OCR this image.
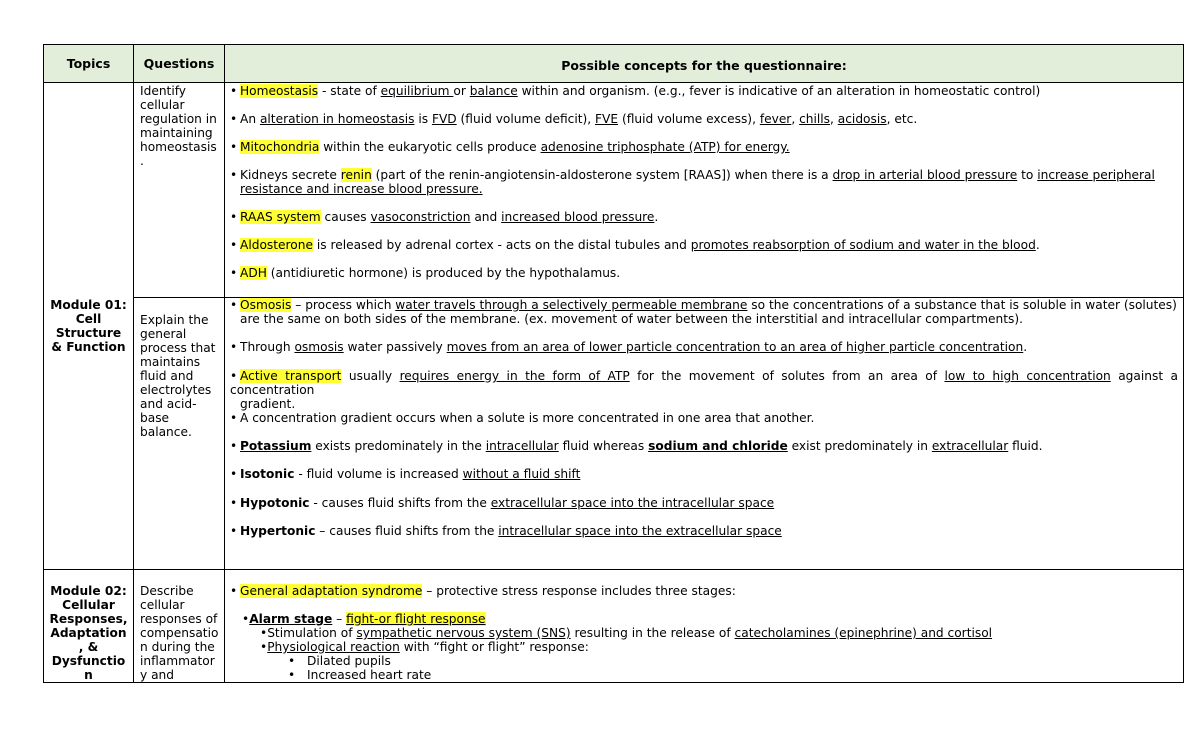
Topics	Questions	Possible concepts for the questionnaire:
Module 01:
Cell
Structure
& Function
Identify
cellular
regulation in
maintaining
homeostasis
.
Explain the
general
process that
maintains
fluid and
electrolytes
and acid-
base
balance.
• Homeostasis - state of equilibrium or balance within and organism. (e.g., fever is indicative of an alteration in homeostatic control)
• An alteration in homeostasis is FVD (fluid volume deficit), FVE (fluid volume excess), fever, chills, acidosis, etc.
• Mitochondria within the eukaryotic cells produce adenosine triphosphate (ATP) for energy.
• Kidneys secrete renin (part of the renin-angiotensin-aldosterone system [RAAS]) when there is a drop in arterial blood pressure to increase peripheral
resistance and increase blood pressure.
• RAAS system causes vasoconstriction and increased blood pressure.
• Aldosterone is released by adrenal cortex - acts on the distal tubules and promotes reabsorption of sodium and water in the blood.
• ADH (antidiuretic hormone) is produced by the hypothalamus.
• Osmosis – process which water travels through a selectively permeable membrane so the concentrations of a substance that is soluble in water (solutes)
are the same on both sides of the membrane. (ex. movement of water between the interstitial and intracellular compartments).
• Through osmosis water passively moves from an area of lower particle concentration to an area of higher particle concentration.
• Active transport usually requires energy in the form of ATP for the movement of solutes from an area of low to high concentration against a concentration
gradient.
• A concentration gradient occurs when a solute is more concentrated in one area that another.
• Potassium exists predominately in the intracellular fluid whereas sodium and chloride exist predominately in extracellular fluid.
• Isotonic - fluid volume is increased without a fluid shift
• Hypotonic - causes fluid shifts from the extracellular space into the intracellular space
• Hypertonic – causes fluid shifts from the intracellular space into the extracellular space
Module 02:
Cellular
Responses,
Adaptation
, &
Dysfunctio
n
Describe
cellular
responses of
compensatio
n during the
inflammator
y and
• General adaptation syndrome – protective stress response includes three stages:
•Alarm stage – fight-or flight response
•Stimulation of sympathetic nervous system (SNS) resulting in the release of catecholamines (epinephrine) and cortisol
•Physiological reaction with “fight or flight” response:
• Dilated pupils
• Increased heart rate
